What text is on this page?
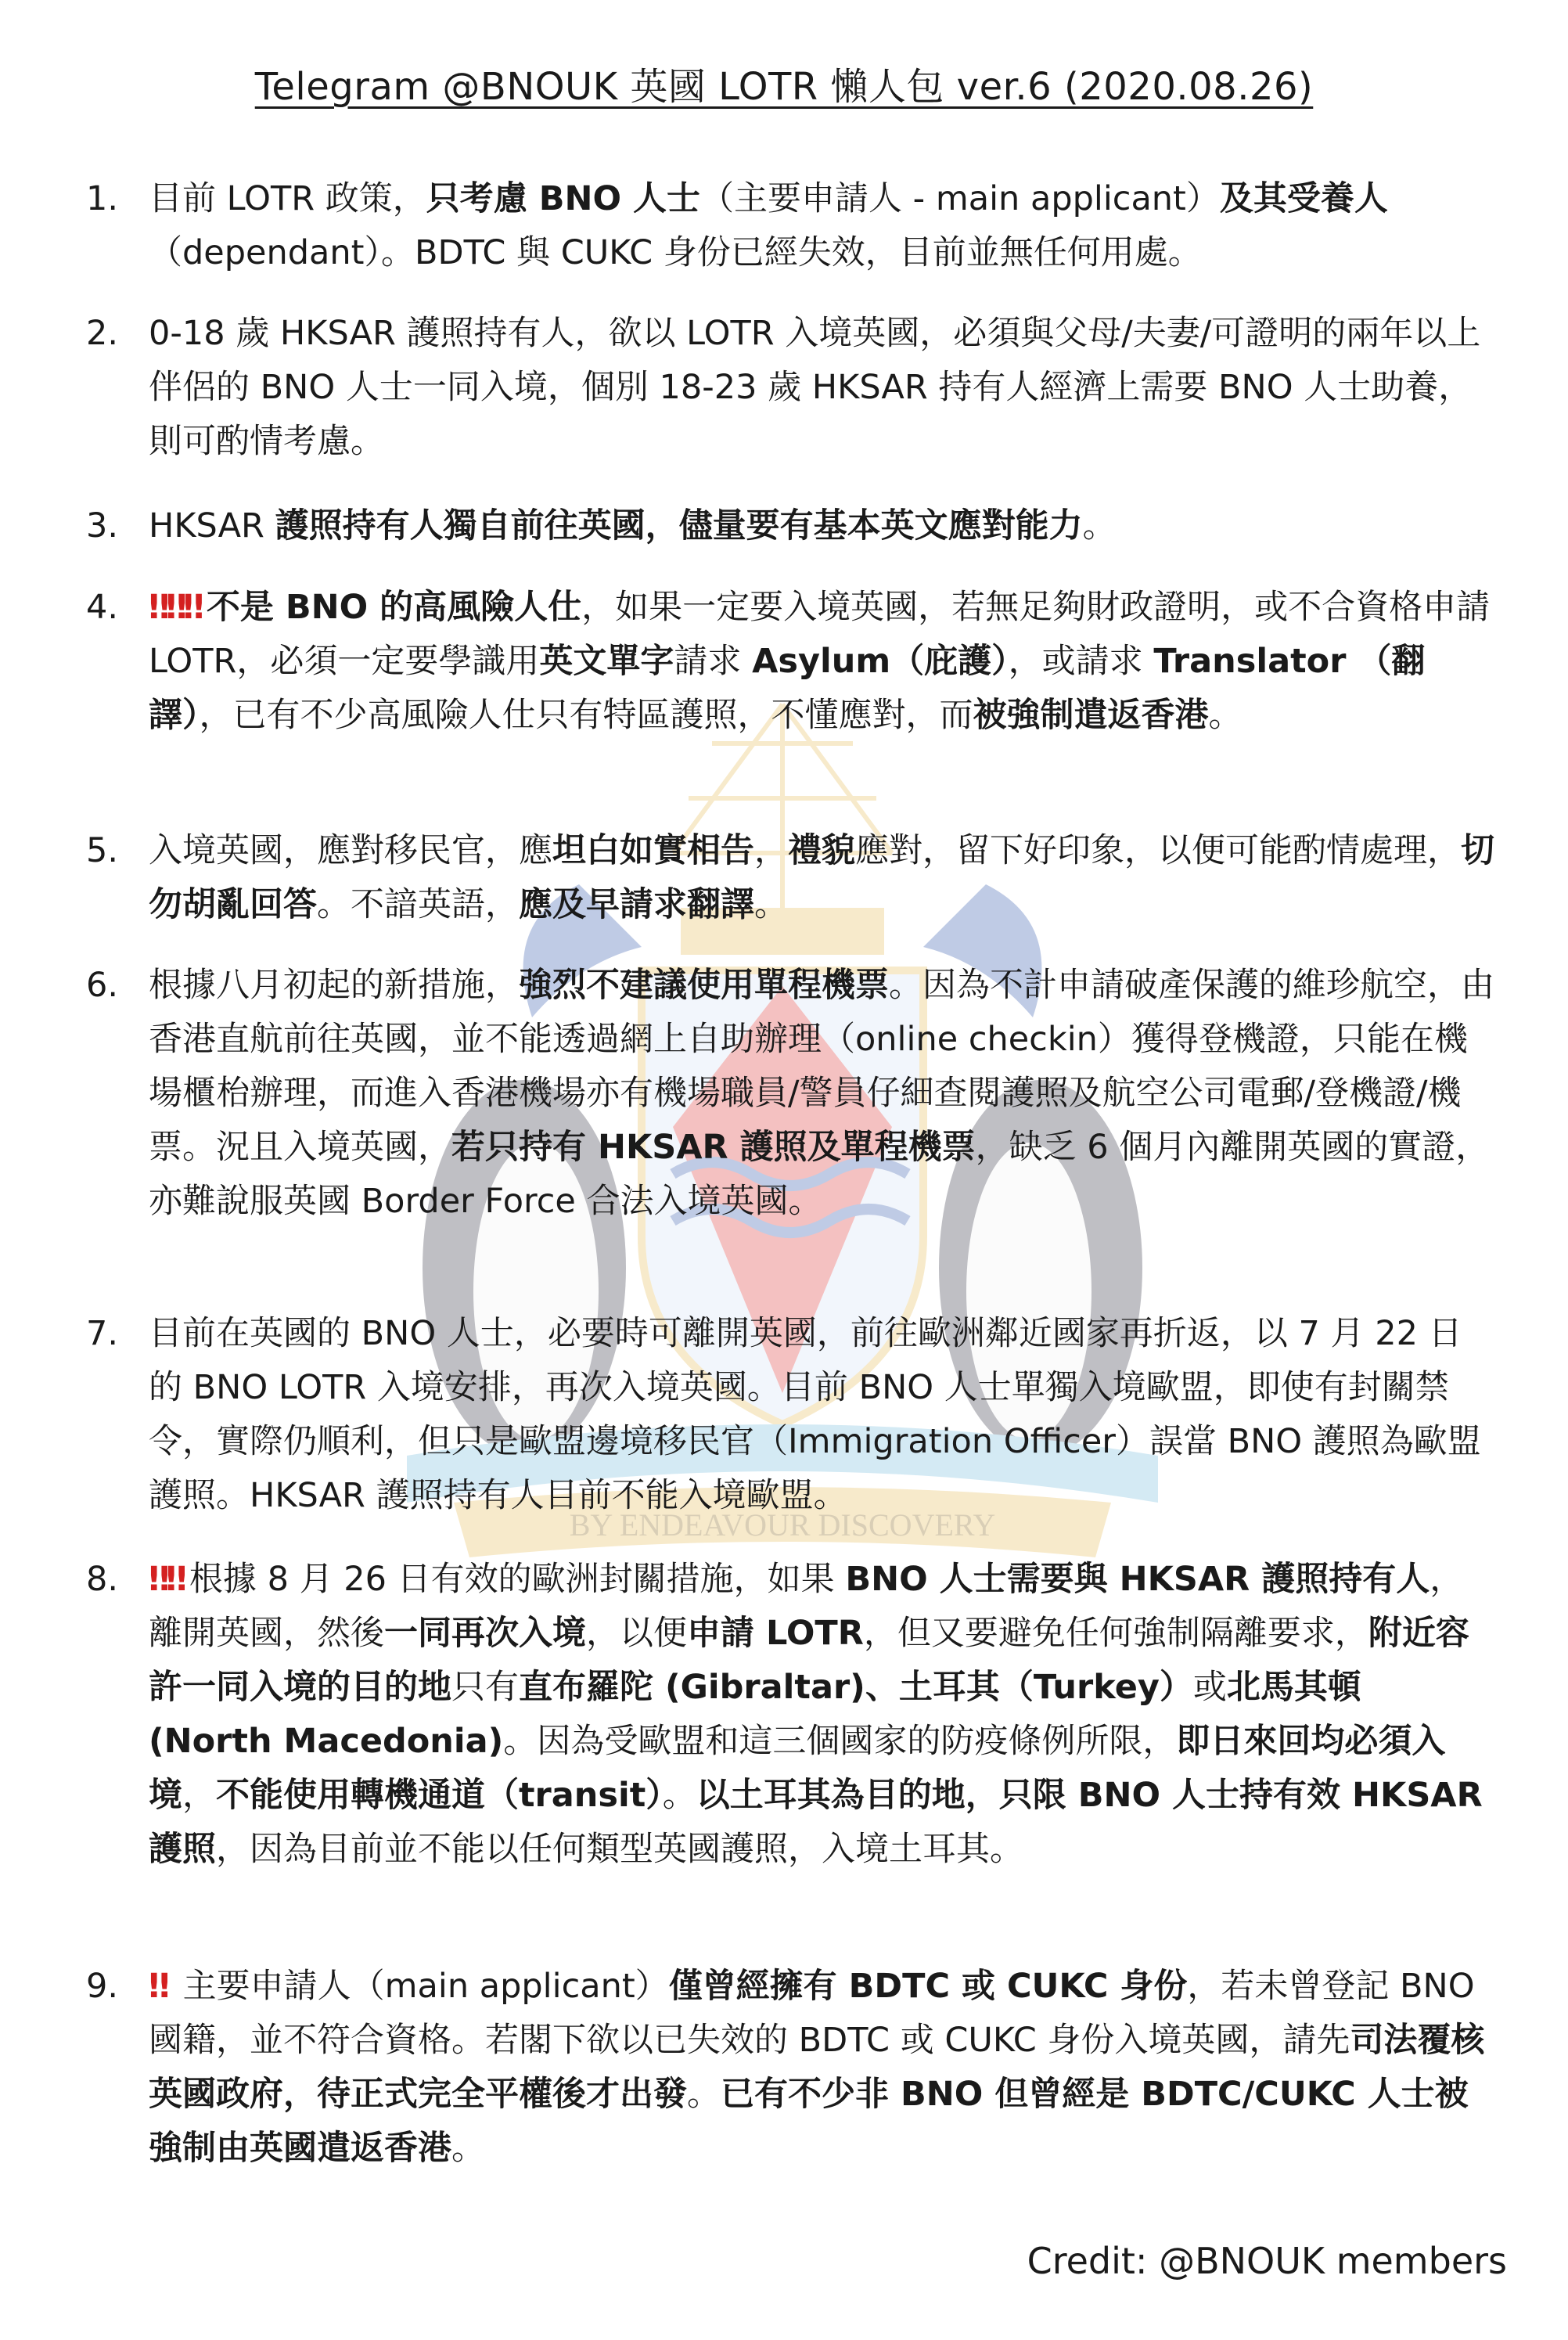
BY ENDEAVOUR DISCOVERY
Telegram @BNOUK 英國 LOTR 懶人包 ver.6 (2020.08.26)
1. 目前 LOTR 政策，只考慮 BNO 人士（主要申請人 - main applicant）及其受養人（dependant）。BDTC 與 CUKC 身份已經失效，目前並無任何用處。
2. 0-18 歲 HKSAR 護照持有人，欲以 LOTR 入境英國，必須與父母/夫妻/可證明的兩年以上伴侶的 BNO 人士一同入境，個別 18-23 歲 HKSAR 持有人經濟上需要 BNO 人士助養，則可酌情考慮。
3. HKSAR 護照持有人獨自前往英國，儘量要有基本英文應對能力。
4. ‼‼‼ 不是 BNO 的高風險人仕，如果一定要入境英國，若無足夠財政證明，或不合資格申請 LOTR，必須一定要學識用英文單字請求 Asylum（庇護），或請求 Translator （翻譯），已有不少高風險人仕只有特區護照，不懂應對，而被強制遣返香港。
5. 入境英國，應對移民官，應坦白如實相告，禮貌應對，留下好印象，以便可能酌情處理，切勿胡亂回答。不諳英語，應及早請求翻譯。
6. 根據八月初起的新措施，強烈不建議使用單程機票。因為不計申請破產保護的維珍航空，由香港直航前往英國，並不能透過網上自助辦理（online checkin）獲得登機證，只能在機場櫃枱辦理，而進入香港機場亦有機場職員/警員仔細查閱護照及航空公司電郵/登機證/機票。況且入境英國，若只持有 HKSAR 護照及單程機票，缺乏 6 個月內離開英國的實證，亦難說服英國 Border Force 合法入境英國。
7. 目前在英國的 BNO 人士，必要時可離開英國，前往歐洲鄰近國家再折返，以 7 月 22 日的 BNO LOTR 入境安排，再次入境英國。目前 BNO 人士單獨入境歐盟，即使有封關禁令，實際仍順利，但只是歐盟邊境移民官（Immigration Officer）誤當 BNO 護照為歐盟護照。HKSAR 護照持有人目前不能入境歐盟。
8. ‼‼ 根據 8 月 26 日有效的歐洲封關措施，如果 BNO 人士需要與 HKSAR 護照持有人，離開英國，然後一同再次入境，以便申請 LOTR，但又要避免任何強制隔離要求，附近容許一同入境的目的地只有直布羅陀 (Gibraltar)、土耳其（Turkey）或北馬其頓 (North Macedonia)。因為受歐盟和這三個國家的防疫條例所限，即日來回均必須入境，不能使用轉機通道（transit）。以土耳其為目的地，只限 BNO 人士持有效 HKSAR 護照，因為目前並不能以任何類型英國護照，入境土耳其。
9. ‼ 主要申請人（main applicant）僅曾經擁有 BDTC 或 CUKC 身份，若未曾登記 BNO 國籍，並不符合資格。若閣下欲以已失效的 BDTC 或 CUKC 身份入境英國，請先司法覆核英國政府，待正式完全平權後才出發。已有不少非 BNO 但曾經是 BDTC/CUKC 人士被強制由英國遣返香港。
Credit: @BNOUK members
